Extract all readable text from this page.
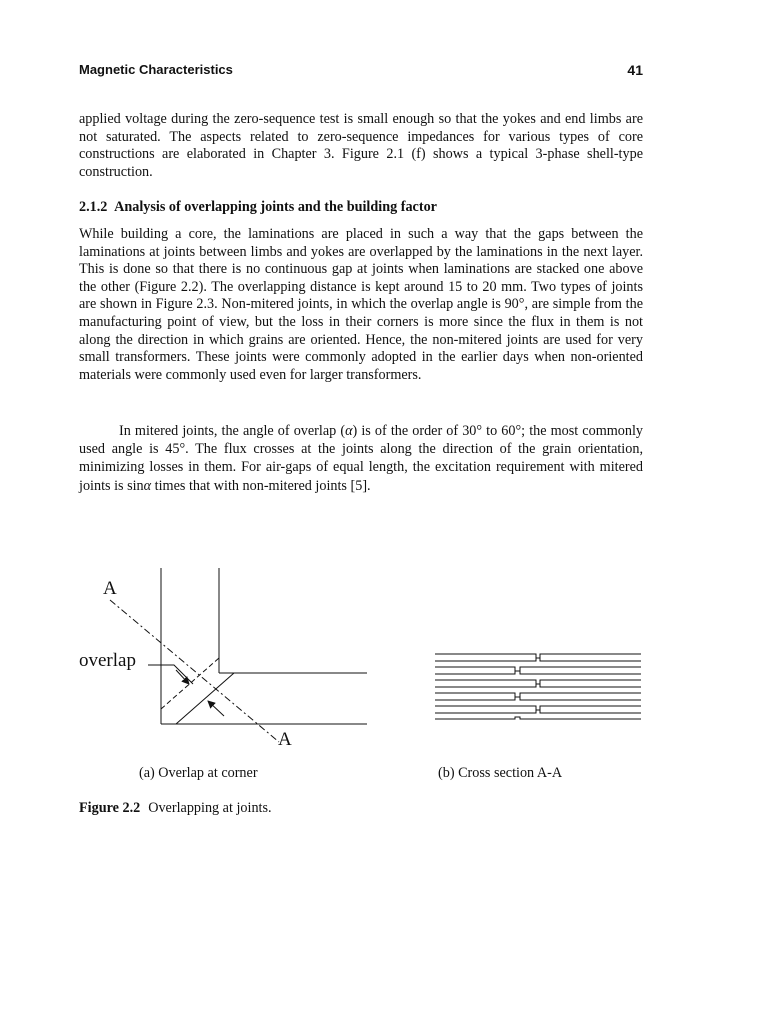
Magnetic Characteristics	41

applied voltage during the zero-sequence test is small enough so that the yokes and end limbs are not saturated. The aspects related to zero-sequence impedances for various types of core constructions are elaborated in Chapter 3. Figure 2.1 (f) shows a typical 3-phase shell-type construction.

2.1.2 Analysis of overlapping joints and the building factor

While building a core, the laminations are placed in such a way that the gaps between the laminations at joints between limbs and yokes are overlapped by the laminations in the next layer. This is done so that there is no continuous gap at joints when laminations are stacked one above the other (Figure 2.2). The overlapping distance is kept around 15 to 20 mm. Two types of joints are shown in Figure 2.3. Non-mitered joints, in which the overlap angle is 90°, are simple from the manufacturing point of view, but the loss in their corners is more since the flux in them is not along the direction in which grains are oriented. Hence, the non-mitered joints are used for very small transformers. These joints were commonly adopted in the earlier days when non-oriented materials were commonly used even for larger transformers.

In mitered joints, the angle of overlap (α) is of the order of 30° to 60°; the most commonly used angle is 45°. The flux crosses at the joints along the direction of the grain orientation, minimizing losses in them. For air-gaps of equal length, the excitation requirement with mitered joints is sinα times that with non-mitered joints [5].

A
A
overlap
(a) Overlap at corner	(b) Cross section A-A
Figure 2.2 Overlapping at joints.
